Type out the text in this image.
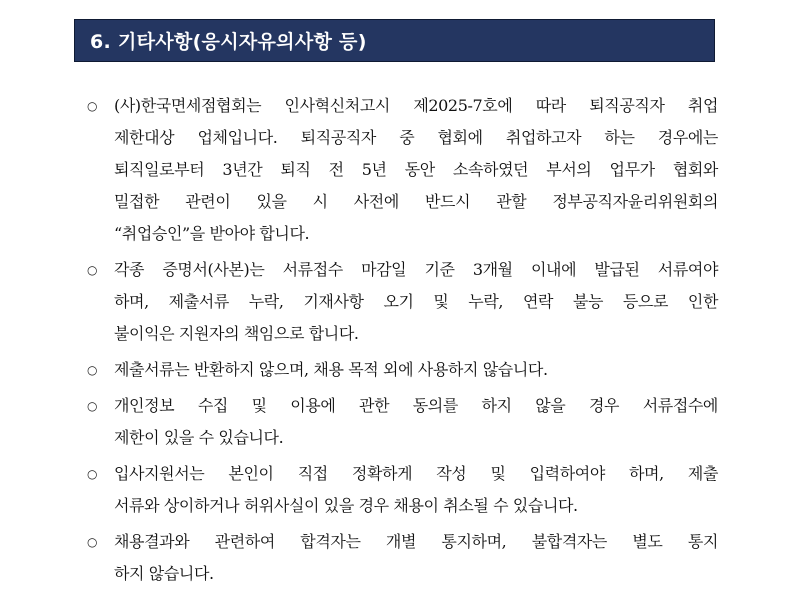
6. 기타사항(응시자유의사항 등)
○	(사)한국면세점협회는 인사혁신처고시 제2025-7호에 따라 퇴직공직자 취업
제한대상 업체입니다. 퇴직공직자 중 협회에 취업하고자 하는 경우에는
퇴직일로부터 3년간 퇴직 전 5년 동안 소속하였던 부서의 업무가 협회와
밀접한 관련이 있을 시 사전에 반드시 관할 정부공직자윤리위원회의
“취업승인”을 받아야 합니다.
○	각종 증명서(사본)는 서류접수 마감일 기준 3개월 이내에 발급된 서류여야
하며, 제출서류 누락, 기재사항 오기 및 누락, 연락 불능 등으로 인한
불이익은 지원자의 책임으로 합니다.
○	제출서류는 반환하지 않으며, 채용 목적 외에 사용하지 않습니다.
○	개인정보 수집 및 이용에 관한 동의를 하지 않을 경우 서류접수에
제한이 있을 수 있습니다.
○	입사지원서는 본인이 직접 정확하게 작성 및 입력하여야 하며, 제출
서류와 상이하거나 허위사실이 있을 경우 채용이 취소될 수 있습니다.
○	채용결과와 관련하여 합격자는 개별 통지하며, 불합격자는 별도 통지
하지 않습니다.
